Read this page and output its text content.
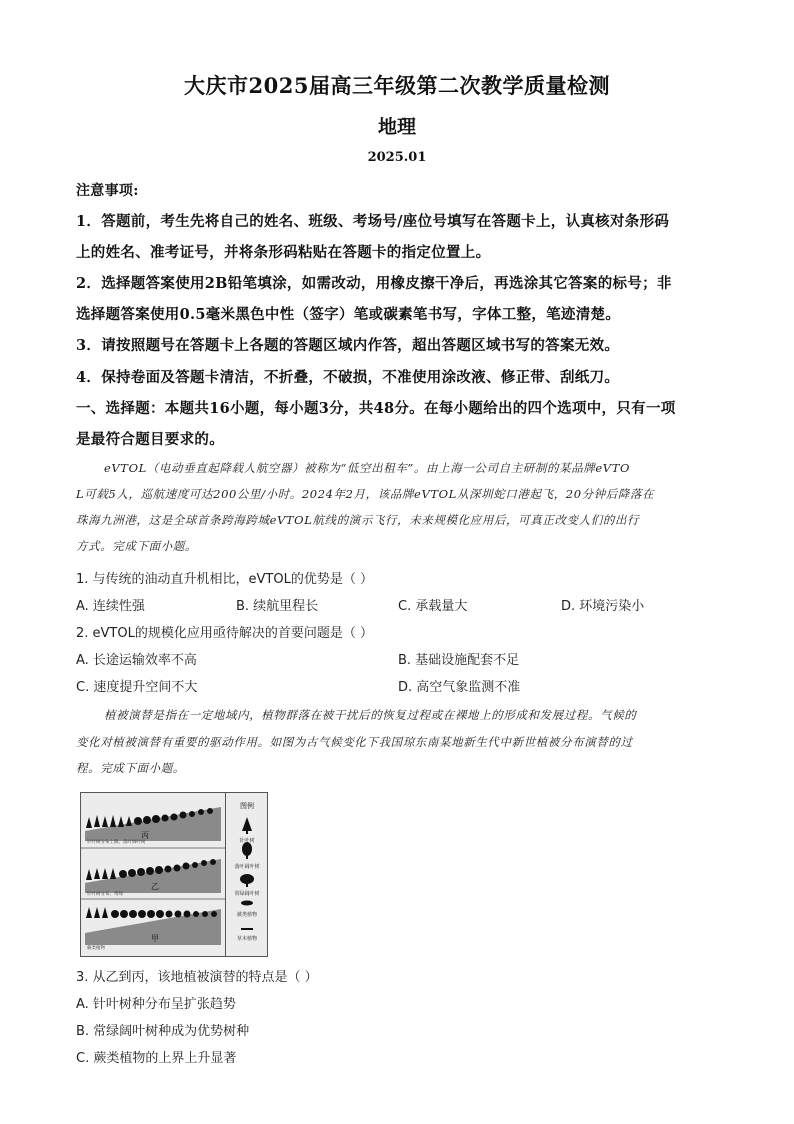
大庆市2025届高三年级第二次教学质量检测
地理
2025.01
注意事项:
1．答题前，考生先将自己的姓名、班级、考场号/座位号填写在答题卡上，认真核对条形码
上的姓名、准考证号，并将条形码粘贴在答题卡的指定位置上。
2．选择题答案使用2B铅笔填涂，如需改动，用橡皮擦干净后，再选涂其它答案的标号；非
选择题答案使用0.5毫米黑色中性（签字）笔或碳素笔书写，字体工整，笔迹清楚。
3．请按照题号在答题卡上各题的答题区域内作答，超出答题区域书写的答案无效。
4．保持卷面及答题卡清洁，不折叠，不破损，不准使用涂改液、修正带、刮纸刀。
一、选择题：本题共16小题，每小题3分，共48分。在每小题给出的四个选项中，只有一项
是最符合题目要求的。
eVTOL（电动垂直起降载人航空器）被称为“低空出租车”。由上海一公司自主研制的某品牌eVTO
L可载5人，巡航速度可达200公里/小时。2024年2月，该品牌eVTOL从深圳蛇口港起飞，20分钟后降落在
珠海九洲港，这是全球首条跨海跨城eVTOL航线的演示飞行，未来规模化应用后，可真正改变人们的出行
方式。完成下面小题。
1. 与传统的油动直升机相比，eVTOL的优势是（ ）
A. 连续性强	B. 续航里程长	C. 承载量大	D. 环境污染小
2. eVTOL的规模化应用亟待解决的首要问题是（ ）
A. 长途运输效率不高	B. 基础设施配套不足
C. 速度提升空间不大	D. 高空气象监测不准
植被演替是指在一定地域内，植物群落在被干扰后的恢复过程或在裸地上的形成和发展过程。气候的
变化对植被演替有重要的驱动作用。如图为古气候变化下我国琼东南某地新生代中新世植被分布演替的过
程。完成下面小题。
丙
乙
甲
针叶树分布上限、落叶阔叶树
针叶树分布、常绿
蕨类植物
图例
针叶树
落叶阔叶树
常绿阔叶树
蕨类植物
草本植物
3. 从乙到丙，该地植被演替的特点是（ ）
A. 针叶树种分布呈扩张趋势
B. 常绿阔叶树种成为优势树种
C. 蕨类植物的上界上升显著
